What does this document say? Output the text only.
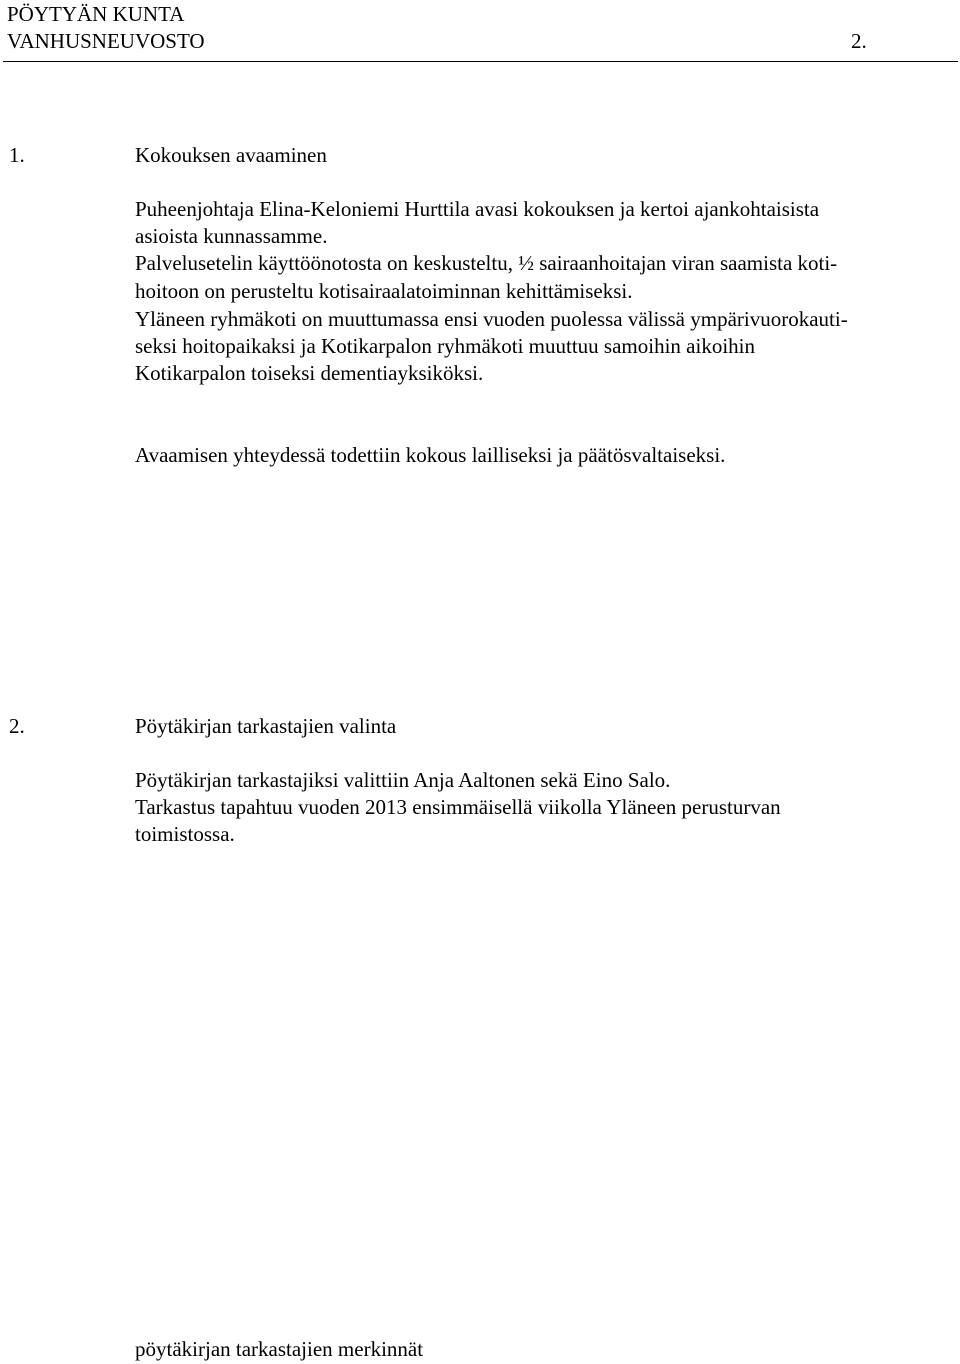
PÖYTYÄN KUNTA
VANHUSNEUVOSTO	2.
1.	Kokouksen avaaminen
Puheenjohtaja Elina-Keloniemi Hurttila avasi kokouksen ja kertoi ajankohtaisista
asioista kunnassamme.
Palvelusetelin käyttöönotosta on keskusteltu, ½ sairaanhoitajan viran saamista koti-
hoitoon on perusteltu kotisairaalatoiminnan kehittämiseksi.
Yläneen ryhmäkoti on muuttumassa ensi vuoden puolessa välissä ympärivuorokauti-
seksi hoitopaikaksi ja Kotikarpalon ryhmäkoti muuttuu samoihin aikoihin
Kotikarpalon toiseksi dementiayksiköksi.
Avaamisen yhteydessä todettiin kokous lailliseksi ja päätösvaltaiseksi.
2.	Pöytäkirjan tarkastajien valinta
Pöytäkirjan tarkastajiksi valittiin Anja Aaltonen sekä Eino Salo.
Tarkastus tapahtuu vuoden 2013 ensimmäisellä viikolla Yläneen perusturvan
toimistossa.
pöytäkirjan tarkastajien merkinnät
